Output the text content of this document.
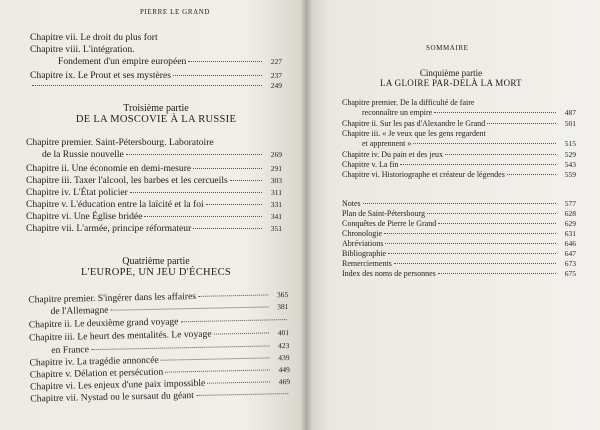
PIERRE LE GRAND
Chapitre vii. Le droit du plus fort
Chapitre viii. L'intégration.
Fondement d'un empire européen	227
Chapitre ix. Le Prout et ses mystères	237
249
Troisième partie
DE LA MOSCOVIE À LA RUSSIE
Chapitre premier. Saint-Pétersbourg. Laboratoire
de la Russie nouvelle	269
Chapitre ii. Une économie en demi-mesure	291
Chapitre iii. Taxer l'alcool, les barbes et les cercueils	303
Chapitre iv. L'État policier	311
Chapitre v. L'éducation entre la laïcité et la foi	331
Chapitre vi. Une Église bridée	341
Chapitre vii. L'armée, principe réformateur	351
Quatrième partie
L'EUROPE, UN JEU D'ÉCHECS
Chapitre premier. S'ingérer dans les affaires	365
de l'Allemagne	381
Chapitre ii. Le deuxième grand voyage
Chapitre iii. Le heurt des mentalités. Le voyage	401
en France	423
Chapitre iv. La tragédie annoncée	439
Chapitre v. Délation et persécution	449
Chapitre vi. Les enjeux d'une paix impossible	469
Chapitre vii. Nystad ou le sursaut du géant
SOMMAIRE
Cinquième partie
LA GLOIRE PAR-DELÀ LA MORT
Chapitre premier. De la difficulté de faire
reconnaître un empire	487
Chapitre ii. Sur les pas d'Alexandre le Grand	501
Chapitre iii. « Je veux que les gens regardent
et apprennent »	515
Chapitre iv. Du pain et des jeux	529
Chapitre v. La fin	543
Chapitre vi. Historiographe et créateur de légendes	559
Notes	577
Plan de Saint-Pétersbourg	628
Conquêtes de Pierre le Grand	629
Chronologie	631
Abréviations	646
Bibliographie	647
Remerciements	673
Index des noms de personnes	675
